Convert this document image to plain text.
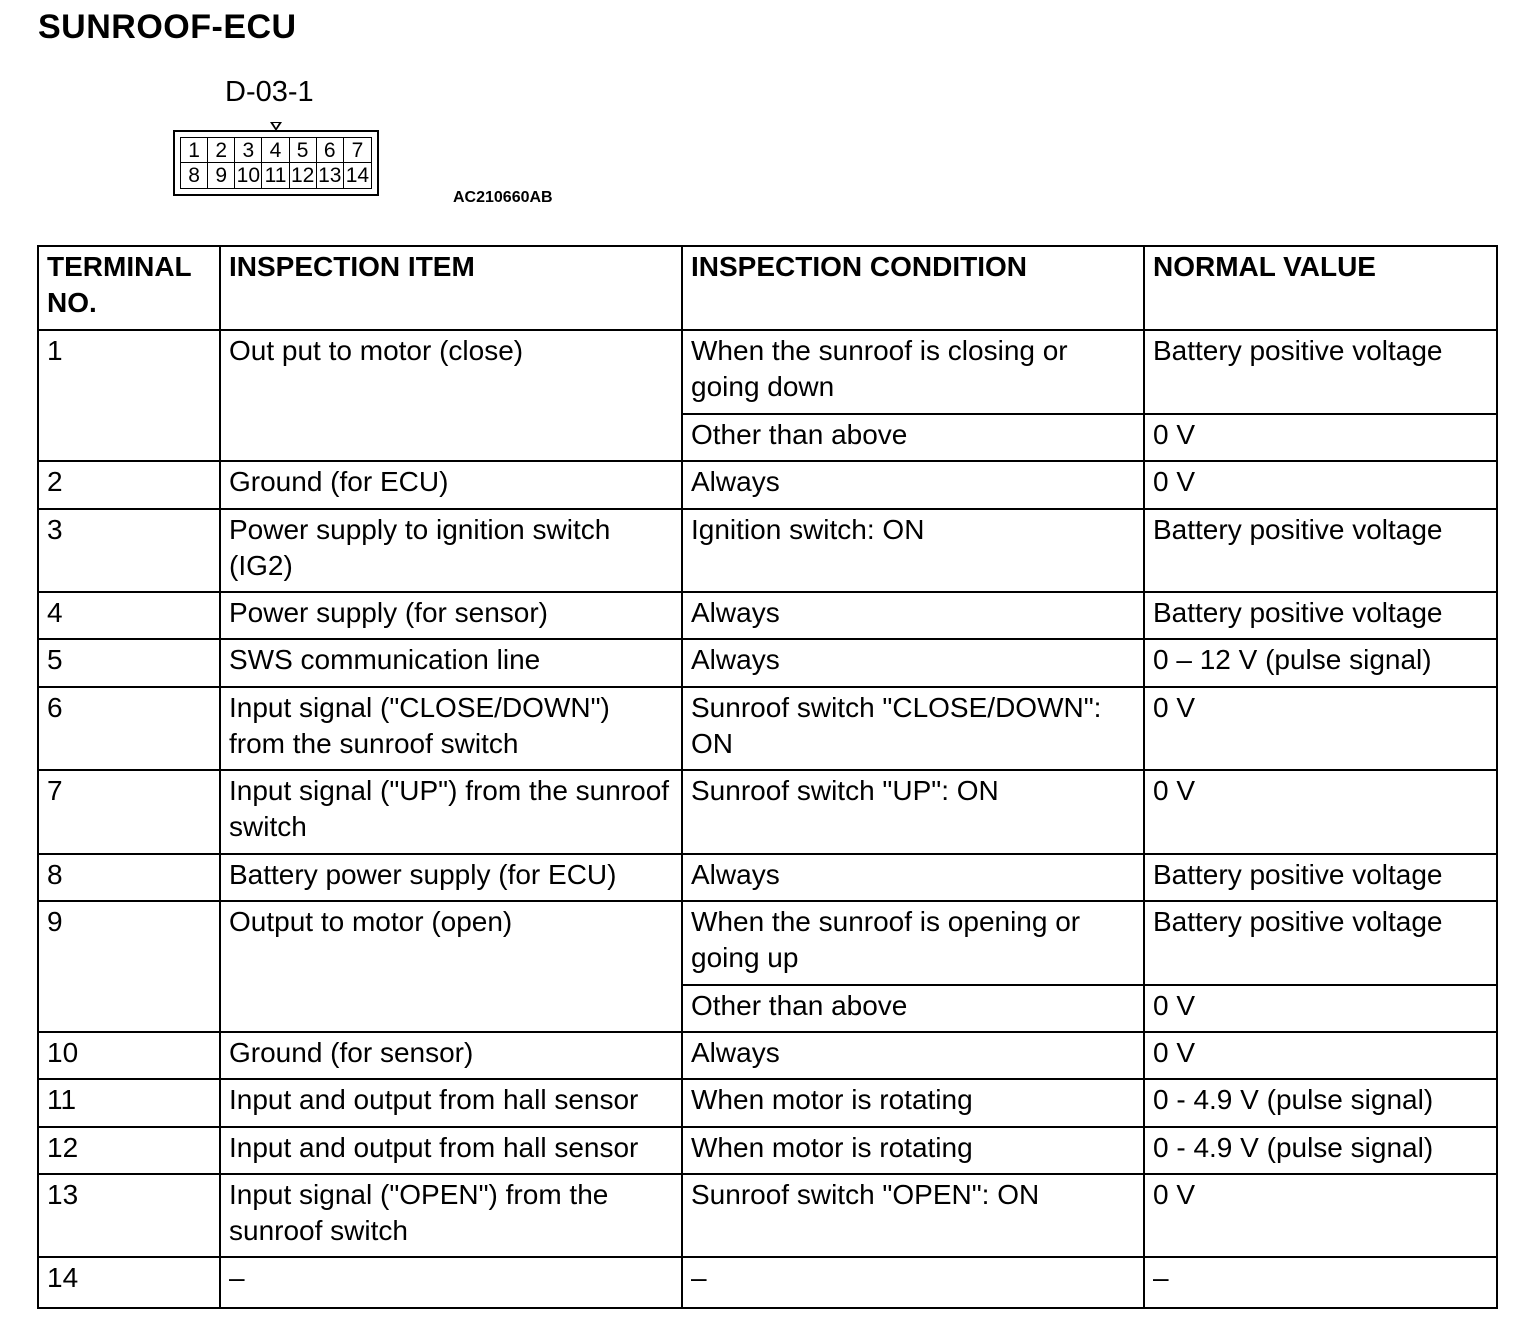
SUNROOF-ECU
D-03-1
1 2 3 4 5 6 7
8 9 10 11 12 13 14
AC210660AB
TERMINAL NO.	INSPECTION ITEM	INSPECTION CONDITION	NORMAL VALUE
1	Out put to motor (close)	When the sunroof is closing or going down	Battery positive voltage
		Other than above	0 V
2	Ground (for ECU)	Always	0 V
3	Power supply to ignition switch (IG2)	Ignition switch: ON	Battery positive voltage
4	Power supply (for sensor)	Always	Battery positive voltage
5	SWS communication line	Always	0 – 12 V (pulse signal)
6	Input signal ("CLOSE/DOWN") from the sunroof switch	Sunroof switch "CLOSE/DOWN": ON	0 V
7	Input signal ("UP") from the sunroof switch	Sunroof switch "UP": ON	0 V
8	Battery power supply (for ECU)	Always	Battery positive voltage
9	Output to motor (open)	When the sunroof is opening or going up	Battery positive voltage
		Other than above	0 V
10	Ground (for sensor)	Always	0 V
11	Input and output from hall sensor	When motor is rotating	0 - 4.9 V (pulse signal)
12	Input and output from hall sensor	When motor is rotating	0 - 4.9 V (pulse signal)
13	Input signal ("OPEN") from the sunroof switch	Sunroof switch "OPEN": ON	0 V
14	–	–	–
